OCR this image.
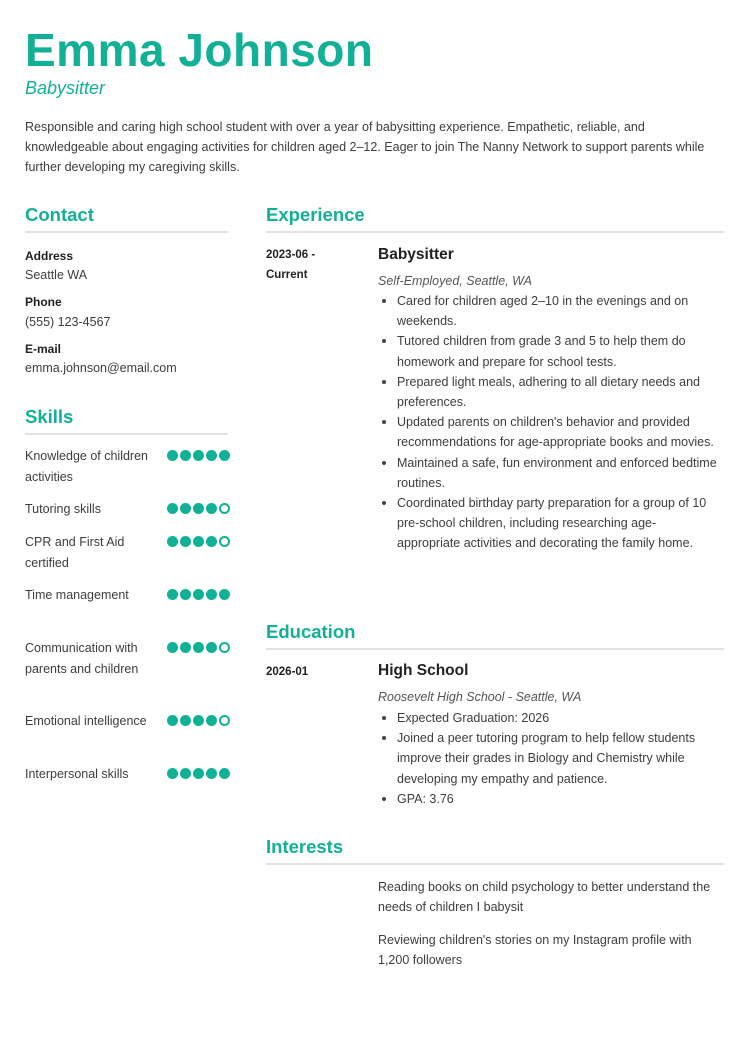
Emma Johnson
Babysitter
Responsible and caring high school student with over a year of babysitting experience. Empathetic, reliable, and knowledgeable about engaging activities for children aged 2–12. Eager to join The Nanny Network to support parents while further developing my caregiving skills.
Contact
Address
Seattle WA
Phone
(555) 123-4567
E-mail
emma.johnson@email.com
Skills
Knowledge of children activities
Tutoring skills
CPR and First Aid certified
Time management
Communication with parents and children
Emotional intelligence
Interpersonal skills
Experience
2023-06 -
Current
Babysitter
Self-Employed, Seattle, WA
Cared for children aged 2–10 in the evenings and on weekends.
Tutored children from grade 3 and 5 to help them do homework and prepare for school tests.
Prepared light meals, adhering to all dietary needs and preferences.
Updated parents on children's behavior and provided recommendations for age-appropriate books and movies.
Maintained a safe, fun environment and enforced bedtime routines.
Coordinated birthday party preparation for a group of 10 pre-school children, including researching age-appropriate activities and decorating the family home.
Education
2026-01	High School
Roosevelt High School - Seattle, WA
Expected Graduation: 2026
Joined a peer tutoring program to help fellow students improve their grades in Biology and Chemistry while developing my empathy and patience.
GPA: 3.76
Interests
Reading books on child psychology to better understand the needs of children I babysit
Reviewing children's stories on my Instagram profile with 1,200 followers
